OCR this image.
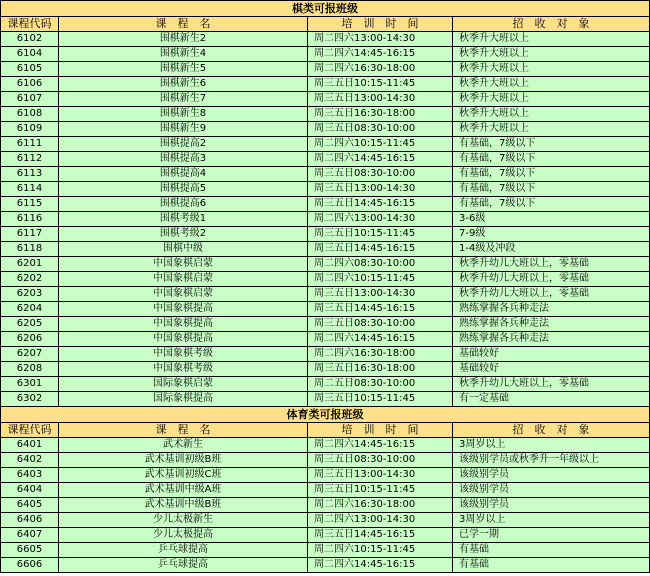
棋类可报班级			
课程代码	课　程　名	培　训　时　间	招　收　对　象
6102	围棋新生2	周二四六13:00-14:30	秋季升大班以上
6104	围棋新生4	周二四六14:45-16:15	秋季升大班以上
6105	围棋新生5	周二四六16:30-18:00	秋季升大班以上
6106	围棋新生6	周三五日10:15-11:45	秋季升大班以上
6107	围棋新生7	周三五日13:00-14:30	秋季升大班以上
6108	围棋新生8	周三五日16:30-18:00	秋季升大班以上
6109	围棋新生9	周三五日08:30-10:00	秋季升大班以上
6111	围棋提高2	周二四六10:15-11:45	有基础，7级以下
6112	围棋提高3	周二四六14:45-16:15	有基础，7级以下
6113	围棋提高4	周三五日08:30-10:00	有基础，7级以下
6114	围棋提高5	周三五日13:00-14:30	有基础，7级以下
6115	围棋提高6	周三五日14:45-16:15	有基础，7级以下
6116	围棋考级1	周二四六13:00-14:30	3-6级
6117	围棋考级2	周三五日10:15-11:45	7-9级
6118	围棋中级	周三五日14:45-16:15	1-4级及冲段
6201	中国象棋启蒙	周二四六08:30-10:00	秋季升幼儿大班以上，零基础
6202	中国象棋启蒙	周二四六10:15-11:45	秋季升幼儿大班以上，零基础
6203	中国象棋启蒙	周三五日13:00-14:30	秋季升幼儿大班以上，零基础
6204	中国象棋提高	周三五日14:45-16:15	熟练掌握各兵种走法
6205	中国象棋提高	周三五日08:30-10:00	熟练掌握各兵种走法
6206	中国象棋提高	周二四六14:45-16:15	熟练掌握各兵种走法
6207	中国象棋考级	周二四六16:30-18:00	基础较好
6208	中国象棋考级	周三五日16:30-18:00	基础较好
6301	国际象棋启蒙	周二五日08:30-10:00	秋季升幼儿大班以上，零基础
6302	国际象棋提高	周三五日10:15-11:45	有一定基础
体育类可报班级			
课程代码	课　程　名	培　训　时　间	招　收　对　象
6401	武术新生	周二四六14:45-16:15	3周岁以上
6402	武术基训初级B班	周三五日08:30-10:00	该级别学员或秋季升一年级以上
6403	武术基训初级C班	周三五日13:00-14:30	该级别学员
6404	武术基训中级A班	周三五日10:15-11:45	该级别学员
6405	武术基训中级B班	周二四六16:30-18:00	该级别学员
6406	少儿太极新生	周二四六13:00-14:30	3周岁以上
6407	少儿太极提高	周三五日14:45-16:15	已学一期
6605	乒乓球提高	周二四六10:15-11:45	有基础
6606	乒乓球提高	周二四六14:45-16:15	有基础
